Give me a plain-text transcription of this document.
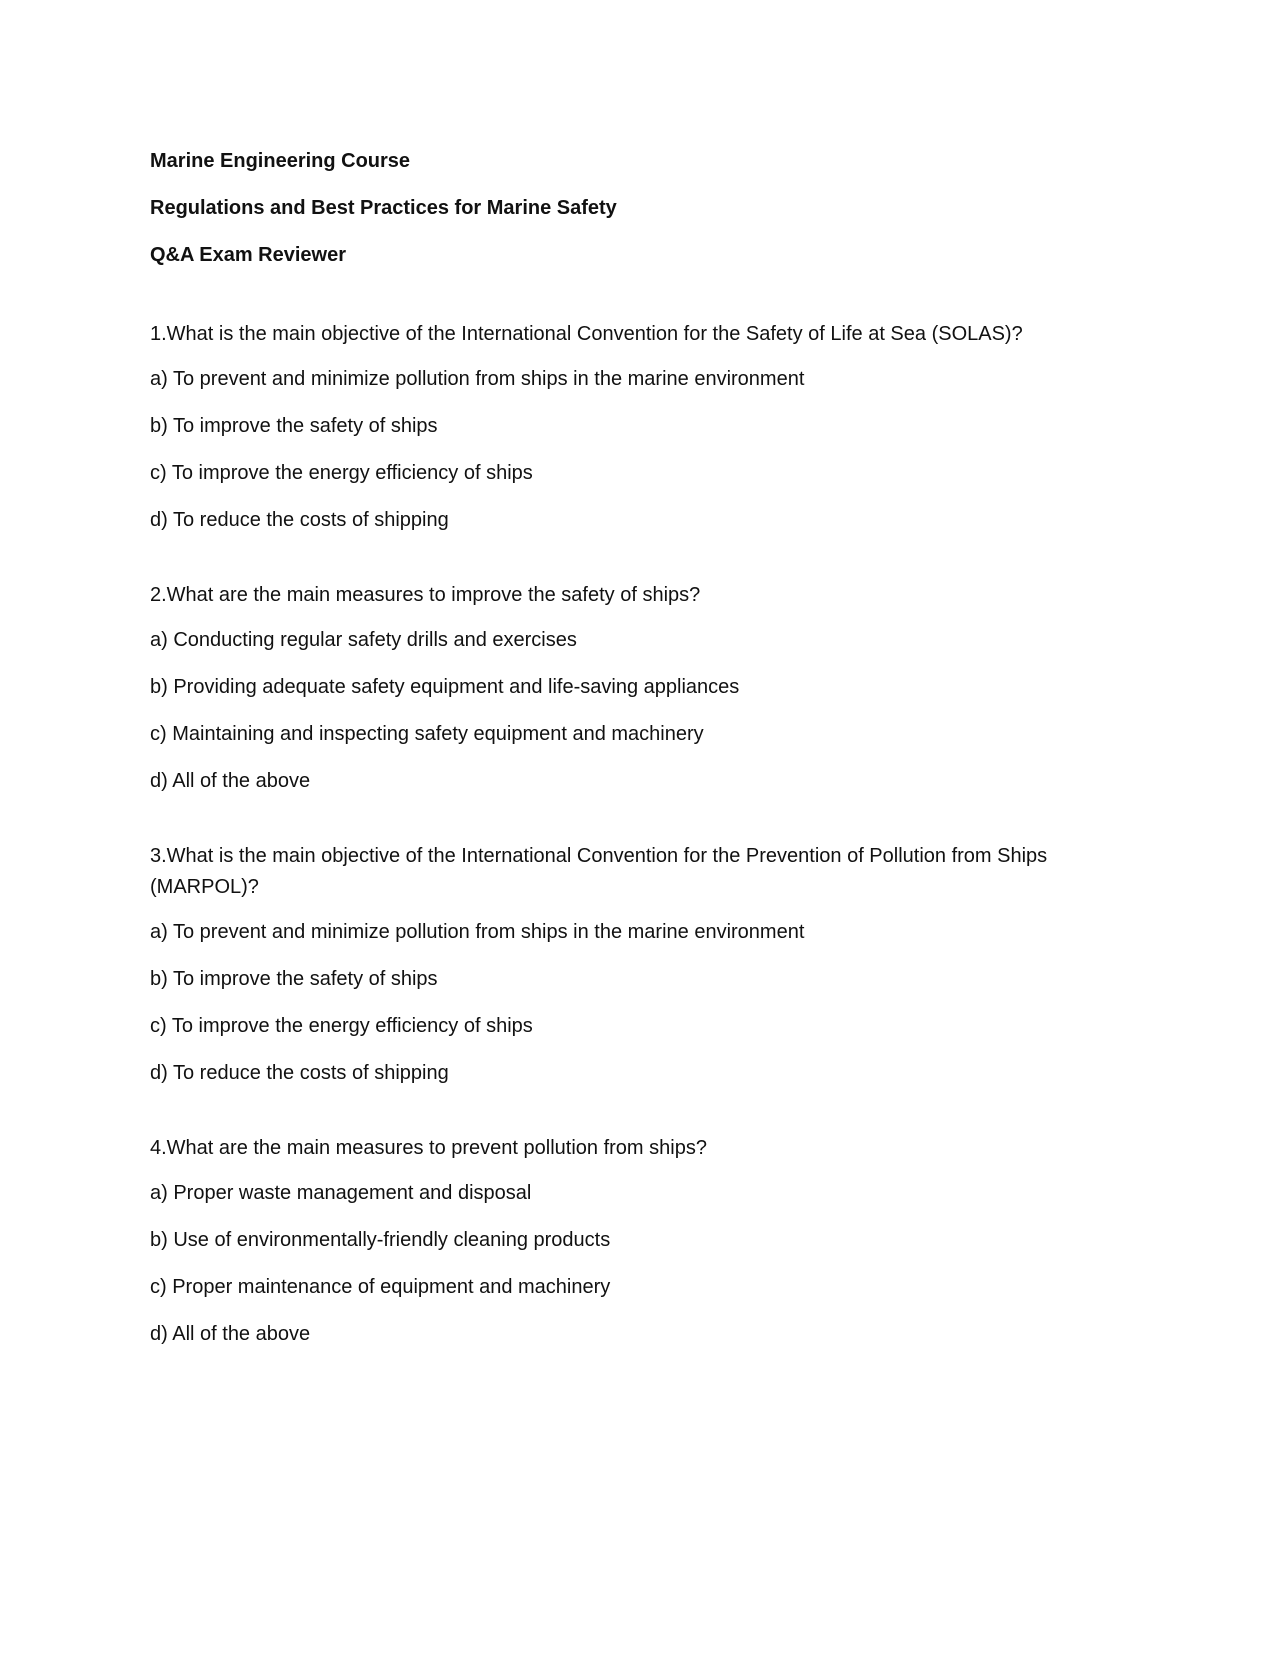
Marine Engineering Course
Regulations and Best Practices for Marine Safety
Q&A Exam Reviewer
1.What is the main objective of the International Convention for the Safety of Life at Sea (SOLAS)?
a) To prevent and minimize pollution from ships in the marine environment
b) To improve the safety of ships
c) To improve the energy efficiency of ships
d) To reduce the costs of shipping
2.What are the main measures to improve the safety of ships?
a) Conducting regular safety drills and exercises
b) Providing adequate safety equipment and life-saving appliances
c) Maintaining and inspecting safety equipment and machinery
d) All of the above
3.What is the main objective of the International Convention for the Prevention of Pollution from Ships (MARPOL)?
a) To prevent and minimize pollution from ships in the marine environment
b) To improve the safety of ships
c) To improve the energy efficiency of ships
d) To reduce the costs of shipping
4.What are the main measures to prevent pollution from ships?
a) Proper waste management and disposal
b) Use of environmentally-friendly cleaning products
c) Proper maintenance of equipment and machinery
d) All of the above
